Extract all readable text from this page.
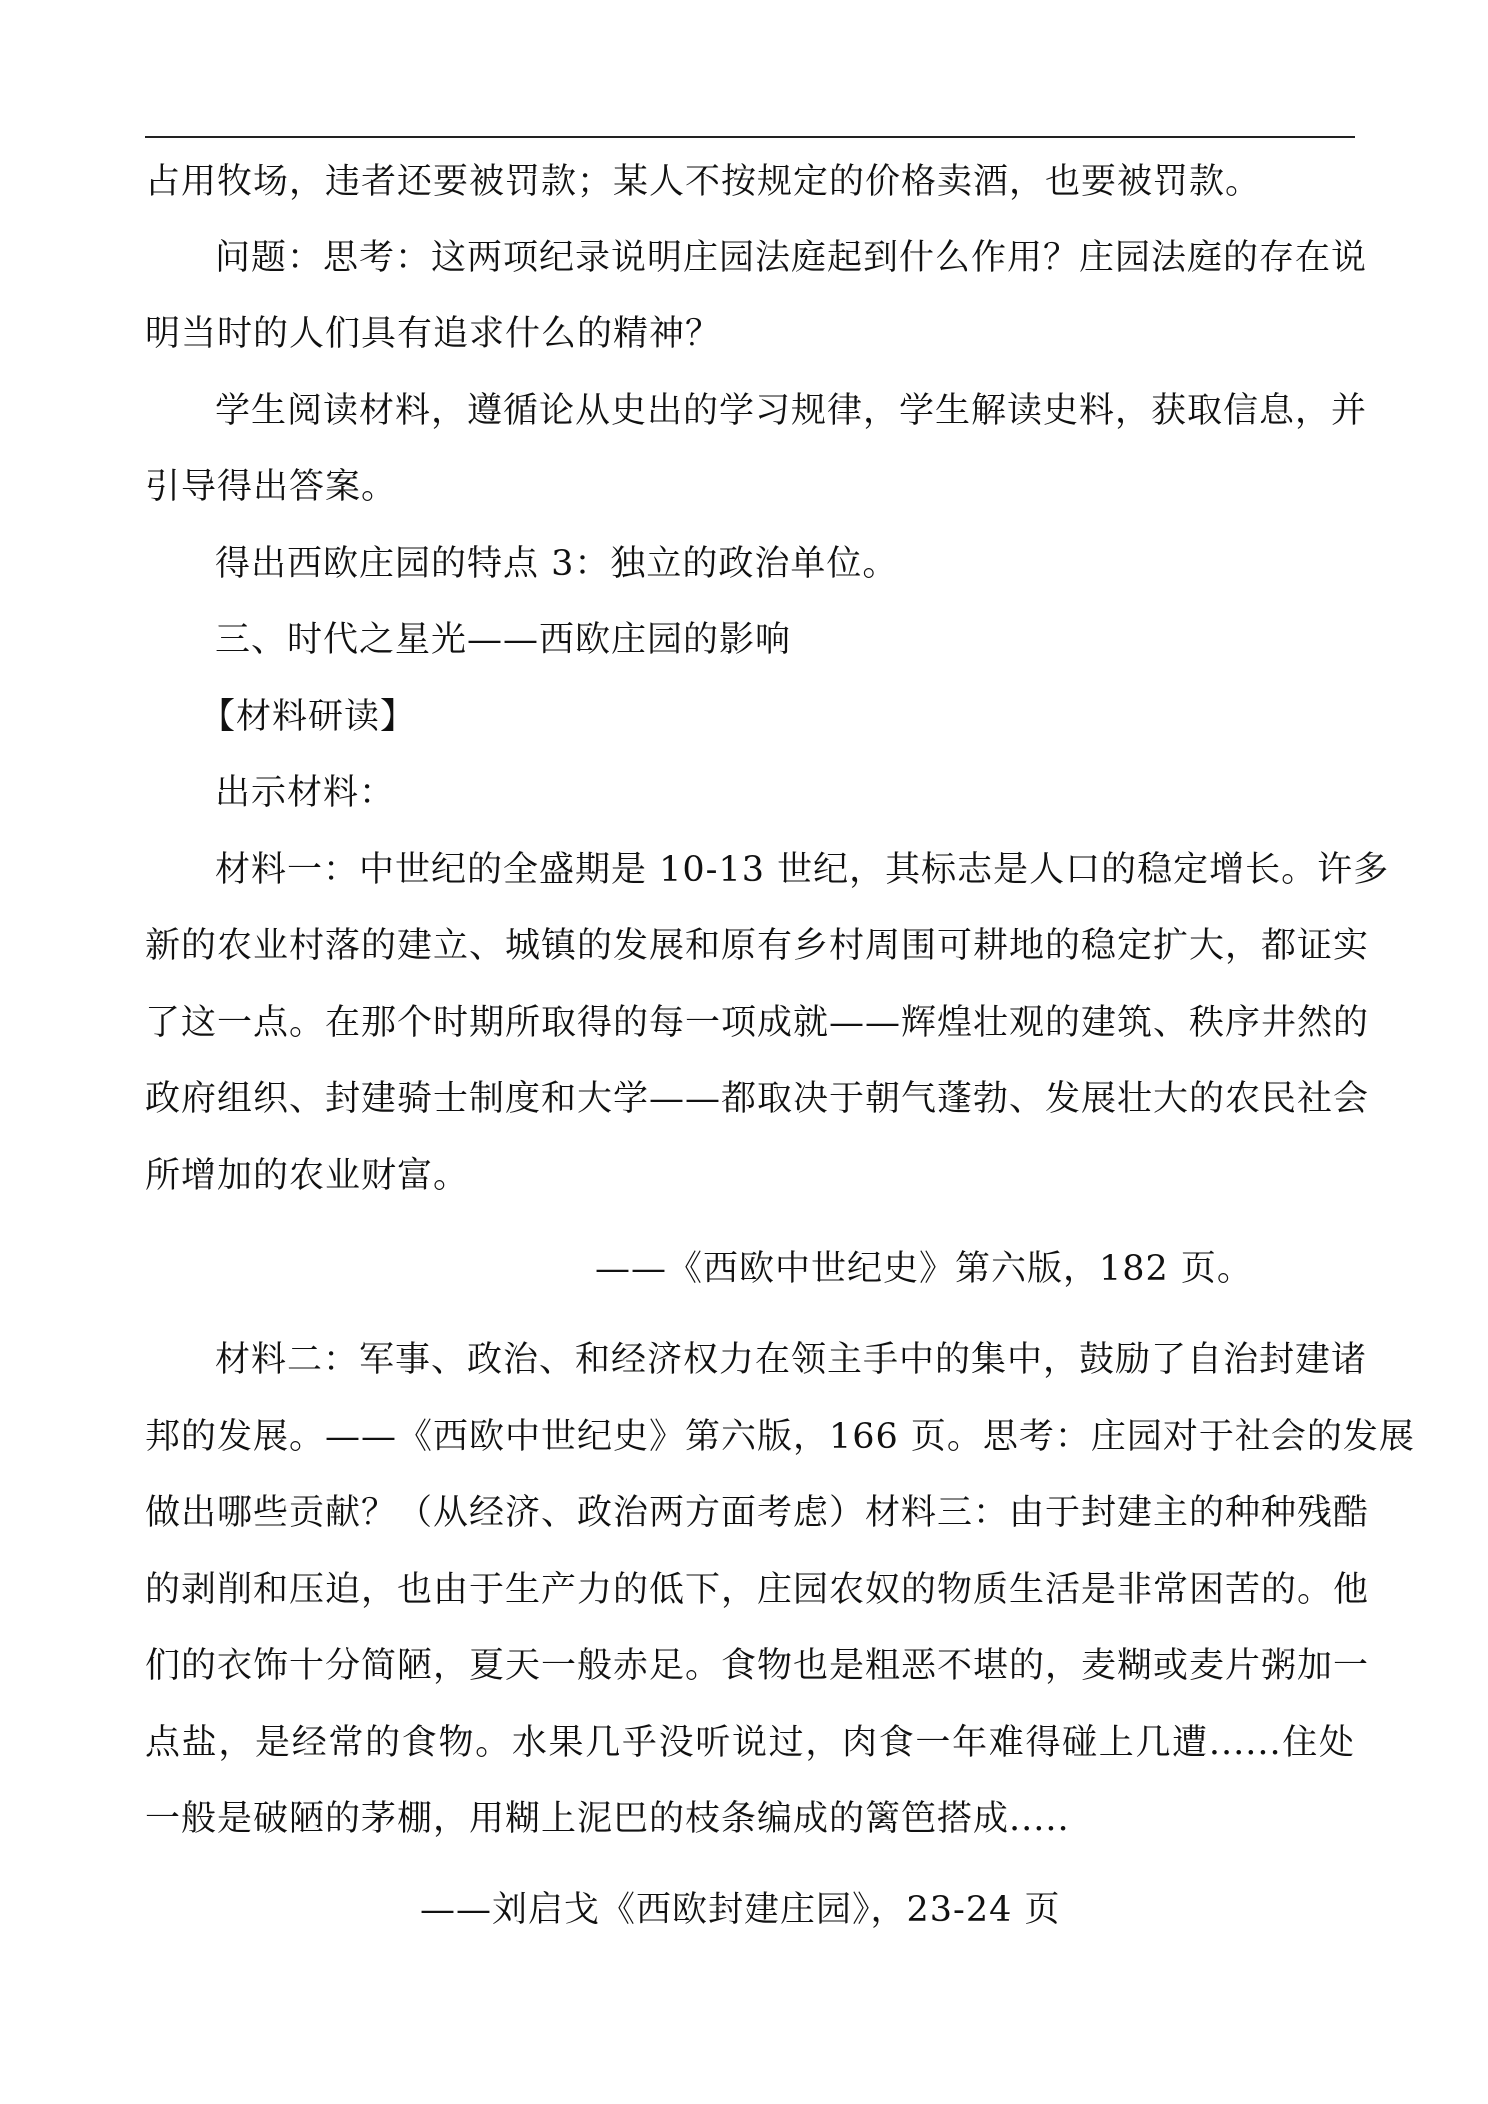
占用牧场，违者还要被罚款；某人不按规定的价格卖酒，也要被罚款。
问题：思考：这两项纪录说明庄园法庭起到什么作用？庄园法庭的存在说
明当时的人们具有追求什么的精神？
学生阅读材料，遵循论从史出的学习规律，学生解读史料，获取信息，并
引导得出答案。
得出西欧庄园的特点 3：独立的政治单位。
三、时代之星光——西欧庄园的影响
【材料研读】
出示材料：
材料一：中世纪的全盛期是 10-13 世纪，其标志是人口的稳定增长。许多
新的农业村落的建立、城镇的发展和原有乡村周围可耕地的稳定扩大，都证实
了这一点。在那个时期所取得的每一项成就——辉煌壮观的建筑、秩序井然的
政府组织、封建骑士制度和大学——都取决于朝气蓬勃、发展壮大的农民社会
所增加的农业财富。
——《西欧中世纪史》第六版，182 页。
材料二：军事、政治、和经济权力在领主手中的集中，鼓励了自治封建诸
邦的发展。——《西欧中世纪史》第六版，166 页。思考：庄园对于社会的发展
做出哪些贡献？（从经济、政治两方面考虑）材料三：由于封建主的种种残酷
的剥削和压迫，也由于生产力的低下，庄园农奴的物质生活是非常困苦的。他
们的衣饰十分简陋，夏天一般赤足。食物也是粗恶不堪的，麦糊或麦片粥加一
点盐，是经常的食物。水果几乎没听说过，肉食一年难得碰上几遭......住处
一般是破陋的茅棚，用糊上泥巴的枝条编成的篱笆搭成.....
——刘启戈《西欧封建庄园》，23-24 页
